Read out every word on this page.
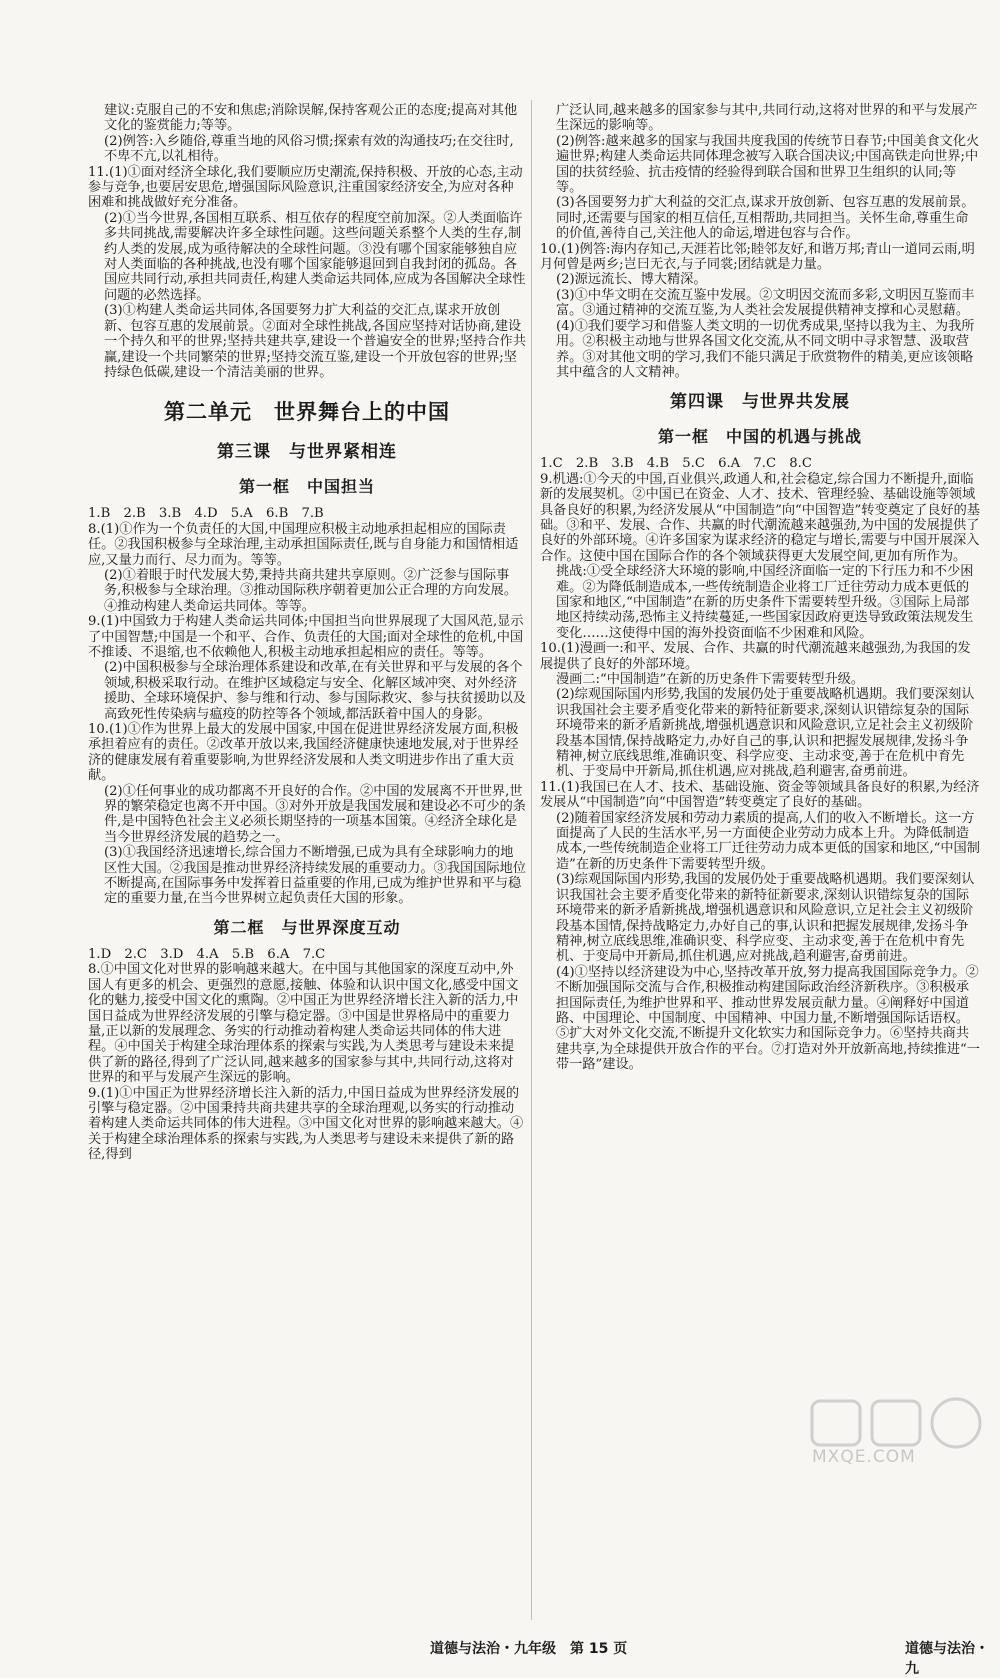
建议:克服自己的不安和焦虑;消除误解,保持客观公正的态度;提高对其他文化的鉴赏能力;等等。

(2)例答:入乡随俗,尊重当地的风俗习惯;探索有效的沟通技巧;在交往时,不卑不亢,以礼相待。

11.(1)①面对经济全球化,我们要顺应历史潮流,保持积极、开放的心态,主动参与竞争,也要居安思危,增强国际风险意识,注重国家经济安全,为应对各种困难和挑战做好充分准备。

(2)①当今世界,各国相互联系、相互依存的程度空前加深。②人类面临许多共同挑战,需要解决许多全球性问题。这些问题关系整个人类的生存,制约人类的发展,成为亟待解决的全球性问题。③没有哪个国家能够独自应对人类面临的各种挑战,也没有哪个国家能够退回到自我封闭的孤岛。各国应共同行动,承担共同责任,构建人类命运共同体,应成为各国解决全球性问题的必然选择。

(3)①构建人类命运共同体,各国要努力扩大利益的交汇点,谋求开放创新、包容互惠的发展前景。②面对全球性挑战,各国应坚持对话协商,建设一个持久和平的世界;坚持共建共享,建设一个普遍安全的世界;坚持合作共赢,建设一个共同繁荣的世界;坚持交流互鉴,建设一个开放包容的世界;坚持绿色低碳,建设一个清洁美丽的世界。

第二单元　世界舞台上的中国
第三课　与世界紧相连
第一框　中国担当

1.B　2.B　3.B　4.D　5.A　6.B　7.B

8.(1)①作为一个负责任的大国,中国理应积极主动地承担起相应的国际责任。②我国积极参与全球治理,主动承担国际责任,既与自身能力和国情相适应,又量力而行、尽力而为。等等。

(2)①着眼于时代发展大势,秉持共商共建共享原则。②广泛参与国际事务,积极参与全球治理。③推动国际秩序朝着更加公正合理的方向发展。④推动构建人类命运共同体。等等。

9.(1)中国致力于构建人类命运共同体;中国担当向世界展现了大国风范,显示了中国智慧;中国是一个和平、合作、负责任的大国;面对全球性的危机,中国不推诿、不退缩,也不依赖他人,积极主动地承担起相应的责任。等等。

(2)中国积极参与全球治理体系建设和改革,在有关世界和平与发展的各个领域,积极采取行动。在维护区域稳定与安全、化解区域冲突、对外经济援助、全球环境保护、参与维和行动、参与国际救灾、参与扶贫援助以及高致死性传染病与瘟疫的防控等各个领域,都活跃着中国人的身影。

10.(1)①作为世界上最大的发展中国家,中国在促进世界经济发展方面,积极承担着应有的责任。②改革开放以来,我国经济健康快速地发展,对于世界经济的健康发展有着重要影响,为世界经济发展和人类文明进步作出了重大贡献。

(2)①任何事业的成功都离不开良好的合作。②中国的发展离不开世界,世界的繁荣稳定也离不开中国。③对外开放是我国发展和建设必不可少的条件,是中国特色社会主义必须长期坚持的一项基本国策。④经济全球化是当今世界经济发展的趋势之一。

(3)①我国经济迅速增长,综合国力不断增强,已成为具有全球影响力的地区性大国。②我国是推动世界经济持续发展的重要动力。③我国国际地位不断提高,在国际事务中发挥着日益重要的作用,已成为维护世界和平与稳定的重要力量,在当今世界树立起负责任大国的形象。

第二框　与世界深度互动

1.D　2.C　3.D　4.A　5.B　6.A　7.C

8.①中国文化对世界的影响越来越大。在中国与其他国家的深度互动中,外国人有更多的机会、更强烈的意愿,接触、体验和认识中国文化,感受中国文化的魅力,接受中国文化的熏陶。②中国正为世界经济增长注入新的活力,中国日益成为世界经济发展的引擎与稳定器。③中国是世界格局中的重要力量,正以新的发展理念、务实的行动推动着构建人类命运共同体的伟大进程。④中国关于构建全球治理体系的探索与实践,为人类思考与建设未来提供了新的路径,得到了广泛认同,越来越多的国家参与其中,共同行动,这将对世界的和平与发展产生深远的影响。

9.(1)①中国正为世界经济增长注入新的活力,中国日益成为世界经济发展的引擎与稳定器。②中国秉持共商共建共享的全球治理观,以务实的行动推动着构建人类命运共同体的伟大进程。③中国文化对世界的影响越来越大。④关于构建全球治理体系的探索与实践,为人类思考与建设未来提供了新的路径,得到

广泛认同,越来越多的国家参与其中,共同行动,这将对世界的和平与发展产生深远的影响等。

(2)例答:越来越多的国家与我国共度我国的传统节日春节;中国美食文化火遍世界;构建人类命运共同体理念被写入联合国决议;中国高铁走向世界;中国的扶贫经验、抗击疫情的经验得到联合国和世界卫生组织的认同;等等。

(3)各国要努力扩大利益的交汇点,谋求开放创新、包容互惠的发展前景。同时,还需要与国家的相互信任,互相帮助,共同担当。关怀生命,尊重生命的价值,善待自己,关注他人的命运,增进包容与合作。

10.(1)例答:海内存知己,天涯若比邻;睦邻友好,和谐万邦;青山一道同云雨,明月何曾是两乡;岂曰无衣,与子同裳;团结就是力量。

(2)源远流长、博大精深。

(3)①中华文明在交流互鉴中发展。②文明因交流而多彩,文明因互鉴而丰富。③通过精神的交流互鉴,为人类社会发展提供精神支撑和心灵慰藉。

(4)①我们要学习和借鉴人类文明的一切优秀成果,坚持以我为主、为我所用。②积极主动地与世界各国文化交流,从不同文明中寻求智慧、汲取营养。③对其他文明的学习,我们不能只满足于欣赏物件的精美,更应该领略其中蕴含的人文精神。

第四课　与世界共发展
第一框　中国的机遇与挑战

1.C　2.B　3.B　4.B　5.C　6.A　7.C　8.C

9.机遇:①今天的中国,百业俱兴,政通人和,社会稳定,综合国力不断提升,面临新的发展契机。②中国已在资金、人才、技术、管理经验、基础设施等领域具备良好的积累,为经济发展从“中国制造”向“中国智造”转变奠定了良好的基础。③和平、发展、合作、共赢的时代潮流越来越强劲,为中国的发展提供了良好的外部环境。④许多国家为谋求经济的稳定与增长,需要与中国开展深入合作。这使中国在国际合作的各个领域获得更大发展空间,更加有所作为。

挑战:①受全球经济大环境的影响,中国经济面临一定的下行压力和不少困难。②为降低制造成本,一些传统制造企业将工厂迁往劳动力成本更低的国家和地区,“中国制造”在新的历史条件下需要转型升级。③国际上局部地区持续动荡,恐怖主义持续蔓延,一些国家因政府更迭导致政策法规发生变化……这使得中国的海外投资面临不少困难和风险。

10.(1)漫画一:和平、发展、合作、共赢的时代潮流越来越强劲,为我国的发展提供了良好的外部环境。

漫画二:“中国制造”在新的历史条件下需要转型升级。

(2)综观国际国内形势,我国的发展仍处于重要战略机遇期。我们要深刻认识我国社会主要矛盾变化带来的新特征新要求,深刻认识错综复杂的国际环境带来的新矛盾新挑战,增强机遇意识和风险意识,立足社会主义初级阶段基本国情,保持战略定力,办好自己的事,认识和把握发展规律,发扬斗争精神,树立底线思维,准确识变、科学应变、主动求变,善于在危机中育先机、于变局中开新局,抓住机遇,应对挑战,趋利避害,奋勇前进。

11.(1)我国已在人才、技术、基础设施、资金等领域具备良好的积累,为经济发展从“中国制造”向“中国智造”转变奠定了良好的基础。

(2)随着国家经济发展和劳动力素质的提高,人们的收入不断增长。这一方面提高了人民的生活水平,另一方面使企业劳动力成本上升。为降低制造成本,一些传统制造企业将工厂迁往劳动力成本更低的国家和地区,“中国制造”在新的历史条件下需要转型升级。

(3)综观国际国内形势,我国的发展仍处于重要战略机遇期。我们要深刻认识我国社会主要矛盾变化带来的新特征新要求,深刻认识错综复杂的国际环境带来的新矛盾新挑战,增强机遇意识和风险意识,立足社会主义初级阶段基本国情,保持战略定力,办好自己的事,认识和把握发展规律,发扬斗争精神,树立底线思维,准确识变、科学应变、主动求变,善于在危机中育先机、于变局中开新局,抓住机遇,应对挑战,趋利避害,奋勇前进。

(4)①坚持以经济建设为中心,坚持改革开放,努力提高我国国际竞争力。②不断加强国际交流与合作,积极推动构建国际政治经济新秩序。③积极承担国际责任,为维护世界和平、推动世界发展贡献力量。④阐释好中国道路、中国理论、中国制度、中国精神、中国力量,不断增强国际话语权。⑤扩大对外文化交流,不断提升文化软实力和国际竞争力。⑥坚持共商共建共享,为全球提供开放合作的平台。⑦打造对外开放新高地,持续推进“一带一路”建设。

道德与法治・九年级　第 15 页	道德与法治・九
MXQE.COM
